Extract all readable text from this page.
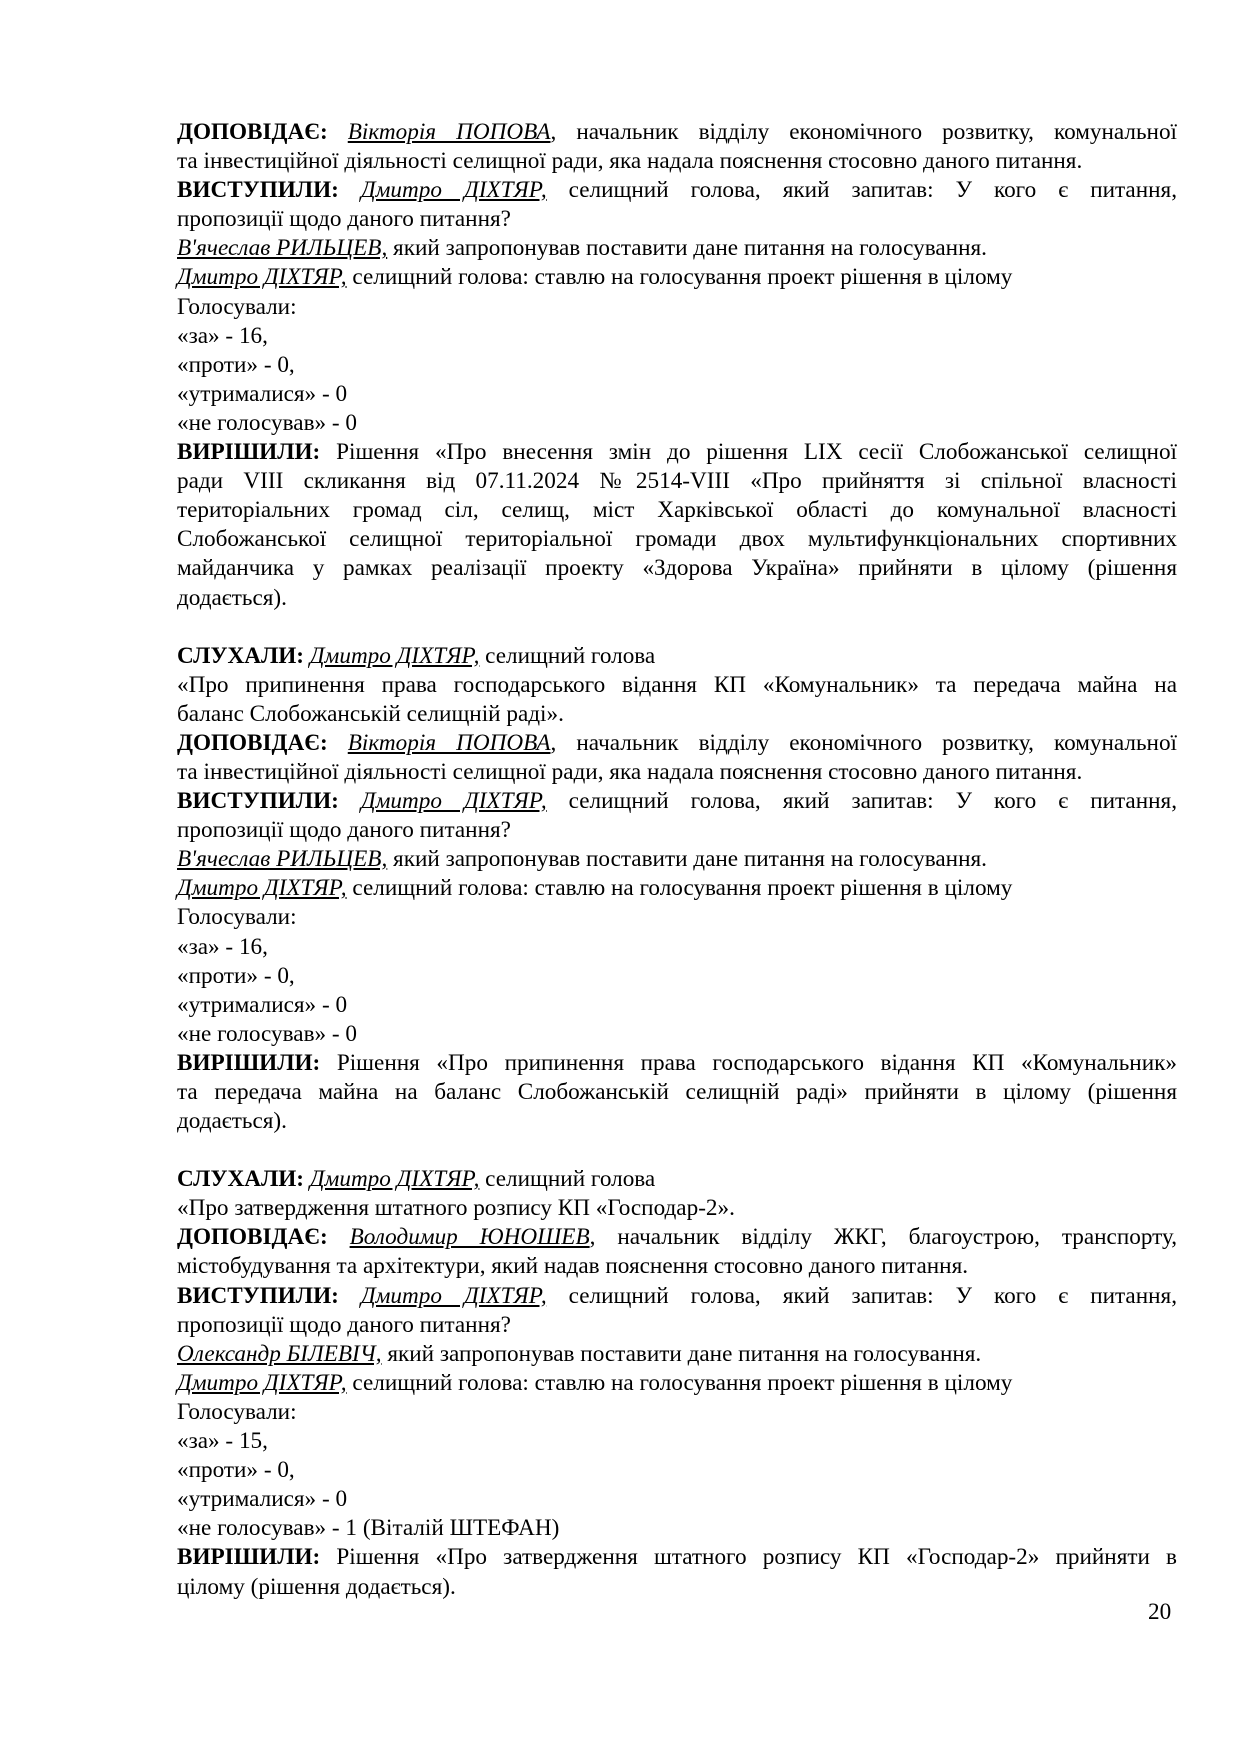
ДОПОВІДАЄ: Вікторія ПОПОВА, начальник відділу економічного розвитку, комунальної
та інвестиційної діяльності селищної ради, яка надала пояснення стосовно даного питання.
ВИСТУПИЛИ: Дмитро ДІХТЯР, селищний голова, який запитав: У кого є питання,
пропозиції щодо даного питання?
В'ячеслав РИЛЬЦЕВ, який запропонував поставити дане питання на голосування.
Дмитро ДІХТЯР, селищний голова: ставлю на голосування проект рішення в цілому
Голосували:
«за» - 16,
«проти» - 0,
«утрималися» - 0
«не голосував» - 0
ВИРІШИЛИ: Рішення «Про внесення змін до рішення LIX сесії Слобожанської селищної
ради VIII скликання від 07.11.2024 №2514-VIII «Про прийняття зі спільної власності
територіальних громад сіл, селищ, міст Харківської області до комунальної власності
Слобожанської селищної територіальної громади двох мультифункціональних спортивних
майданчика у рамках реалізації проекту «Здорова Україна» прийняти в цілому (рішення
додається).
СЛУХАЛИ: Дмитро ДІХТЯР, селищний голова
«Про припинення права господарського відання КП «Комунальник» та передача майна на
баланс Слобожанській селищній раді».
ДОПОВІДАЄ: Вікторія ПОПОВА, начальник відділу економічного розвитку, комунальної
та інвестиційної діяльності селищної ради, яка надала пояснення стосовно даного питання.
ВИСТУПИЛИ: Дмитро ДІХТЯР, селищний голова, який запитав: У кого є питання,
пропозиції щодо даного питання?
В'ячеслав РИЛЬЦЕВ, який запропонував поставити дане питання на голосування.
Дмитро ДІХТЯР, селищний голова: ставлю на голосування проект рішення в цілому
Голосували:
«за» - 16,
«проти» - 0,
«утрималися» - 0
«не голосував» - 0
ВИРІШИЛИ: Рішення «Про припинення права господарського відання КП «Комунальник»
та передача майна на баланс Слобожанській селищній раді» прийняти в цілому (рішення
додається).
СЛУХАЛИ: Дмитро ДІХТЯР, селищний голова
«Про затвердження штатного розпису КП «Господар-2».
ДОПОВІДАЄ: Володимир ЮНОШЕВ, начальник відділу ЖКГ, благоустрою, транспорту,
містобудування та архітектури, який надав пояснення стосовно даного питання.
ВИСТУПИЛИ: Дмитро ДІХТЯР, селищний голова, який запитав: У кого є питання,
пропозиції щодо даного питання?
Олександр БІЛЕВІЧ, який запропонував поставити дане питання на голосування.
Дмитро ДІХТЯР, селищний голова: ставлю на голосування проект рішення в цілому
Голосували:
«за» - 15,
«проти» - 0,
«утрималися» - 0
«не голосував» - 1 (Віталій ШТЕФАН)
ВИРІШИЛИ: Рішення «Про затвердження штатного розпису КП «Господар-2» прийняти в
цілому (рішення додається).
20
